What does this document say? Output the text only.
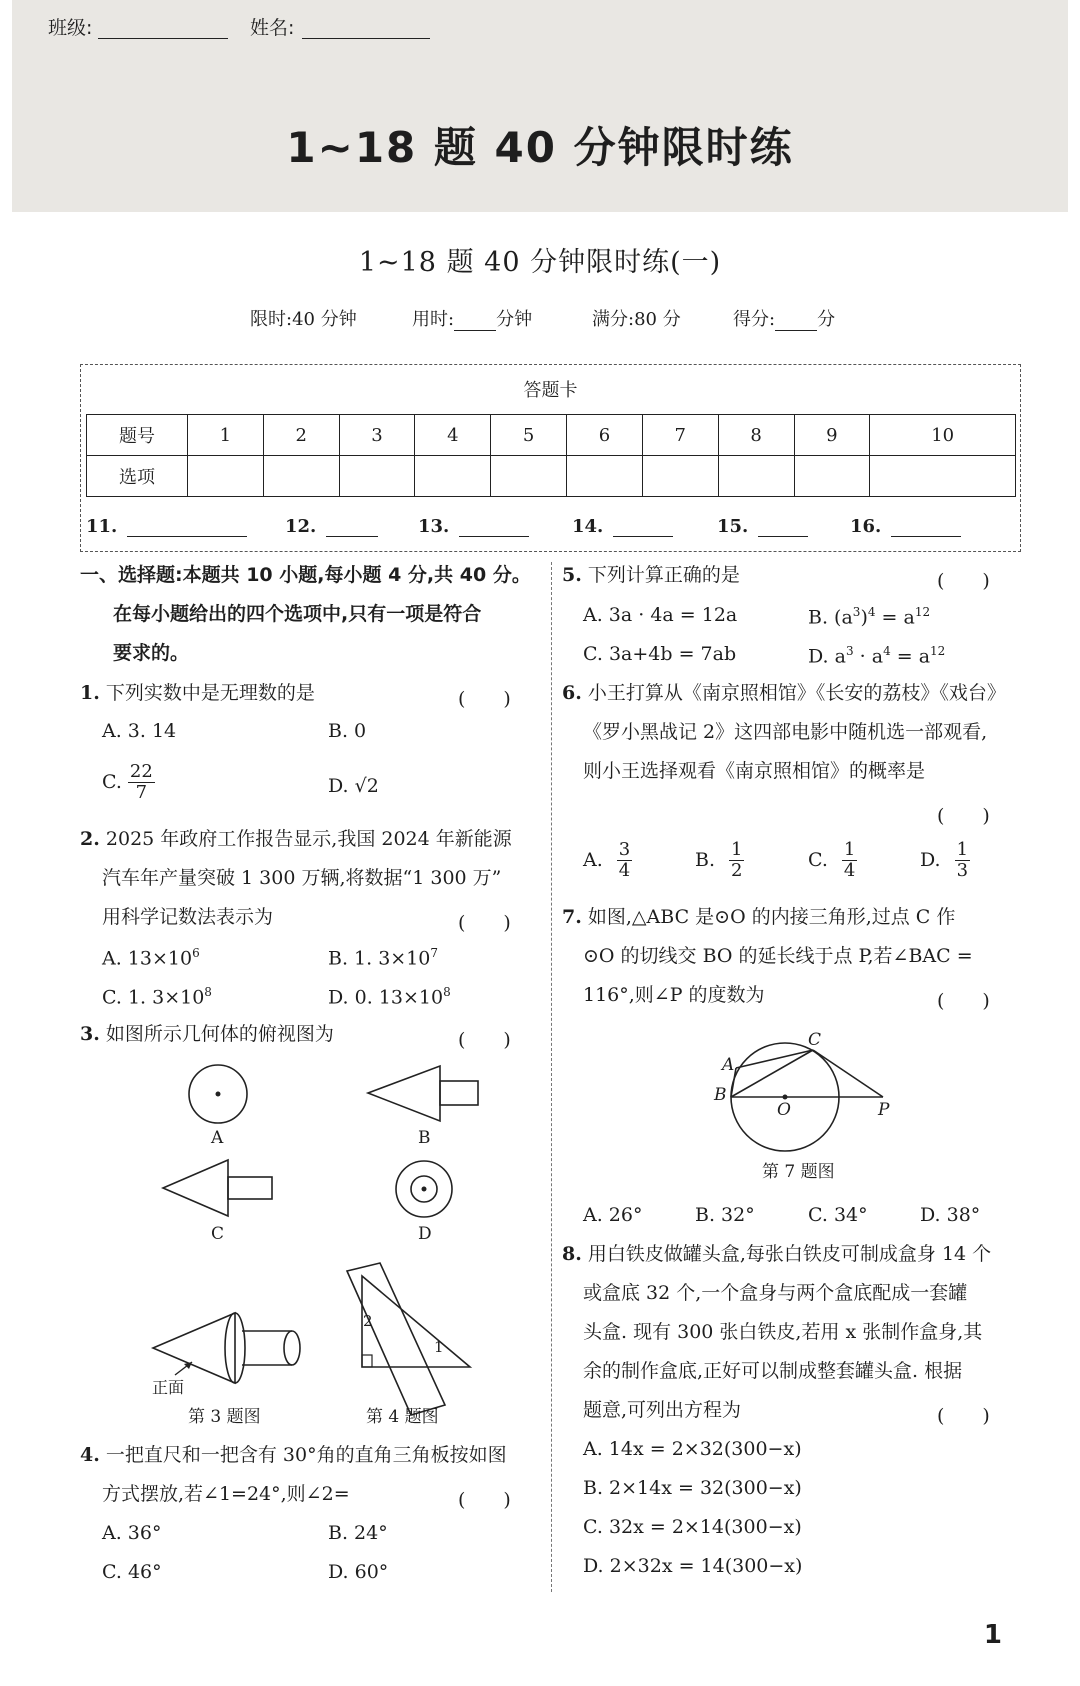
班级:	姓名:
1~18 题 40 分钟限时练
1~18 题 40 分钟限时练(一)
限时:40 分钟	用时: 分钟	满分:80 分	得分: 分
答题卡
题号	1	2	3	4	5	6	7	8	9	10
选项										
11.	12.	13.	14.	15.	16.
一、选择题:本题共 10 小题,每小题 4 分,共 40 分。
在每小题给出的四个选项中,只有一项是符合
要求的。
1. 下列实数中是无理数的是	(　　)
A. 3. 14	B. 0
C. $\frac{22}{7}$	D. √2
2. 2025 年政府工作报告显示,我国 2024 年新能源
汽车年产量突破 1 300 万辆,将数据“1 300 万”
用科学记数法表示为	(　　)
A. $13\times 10^6$	B. 1. $3\times 10^7$
C. 1. $3\times 10^8$	D. 0. $13\times 10^8$
3. 如图所示几何体的俯视图为	(　　)
A	B
C	D
正面
第 3 题图	第 4 题图
1
2
4. 一把直尺和一把含有 30°角的直角三角板按如图
方式摆放,若∠1=24°,则∠2=	(　　)
A. 36°	B. 24°
C. 46°	D. 60°
5. 下列计算正确的是	(　　)
A. 3a · 4a = 12a	B. $(a^3)^4 = a^{12}$
C. 3a+4b = 7ab	D. $a^3 \cdot a^4 = a^{12}$
6. 小王打算从《南京照相馆》《长安的荔枝》《戏台》
《罗小黑战记 2》这四部电影中随机选一部观看,
则小王选择观看《南京照相馆》的概率是
(　　)
A. $\frac{3}{4}$	B. $\frac{1}{2}$	C. $\frac{1}{4}$	D. $\frac{1}{3}$
7. 如图,△ABC 是⊙O 的内接三角形,过点 C 作
⊙O 的切线交 BO 的延长线于点 P,若∠BAC =
116°,则∠P 的度数为	(　　)
A
B
C
O	P
第 7 题图
A. 26°	B. 32°	C. 34°	D. 38°
8. 用白铁皮做罐头盒,每张白铁皮可制成盒身 14 个
或盒底 32 个,一个盒身与两个盒底配成一套罐
头盒. 现有 300 张白铁皮,若用 x 张制作盒身,其
余的制作盒底,正好可以制成整套罐头盒. 根据
题意,可列出方程为	(　　)
A. 14x = 2×32(300−x)
B. 2×14x = 32(300−x)
C. 32x = 2×14(300−x)
D. 2×32x = 14(300−x)
1
